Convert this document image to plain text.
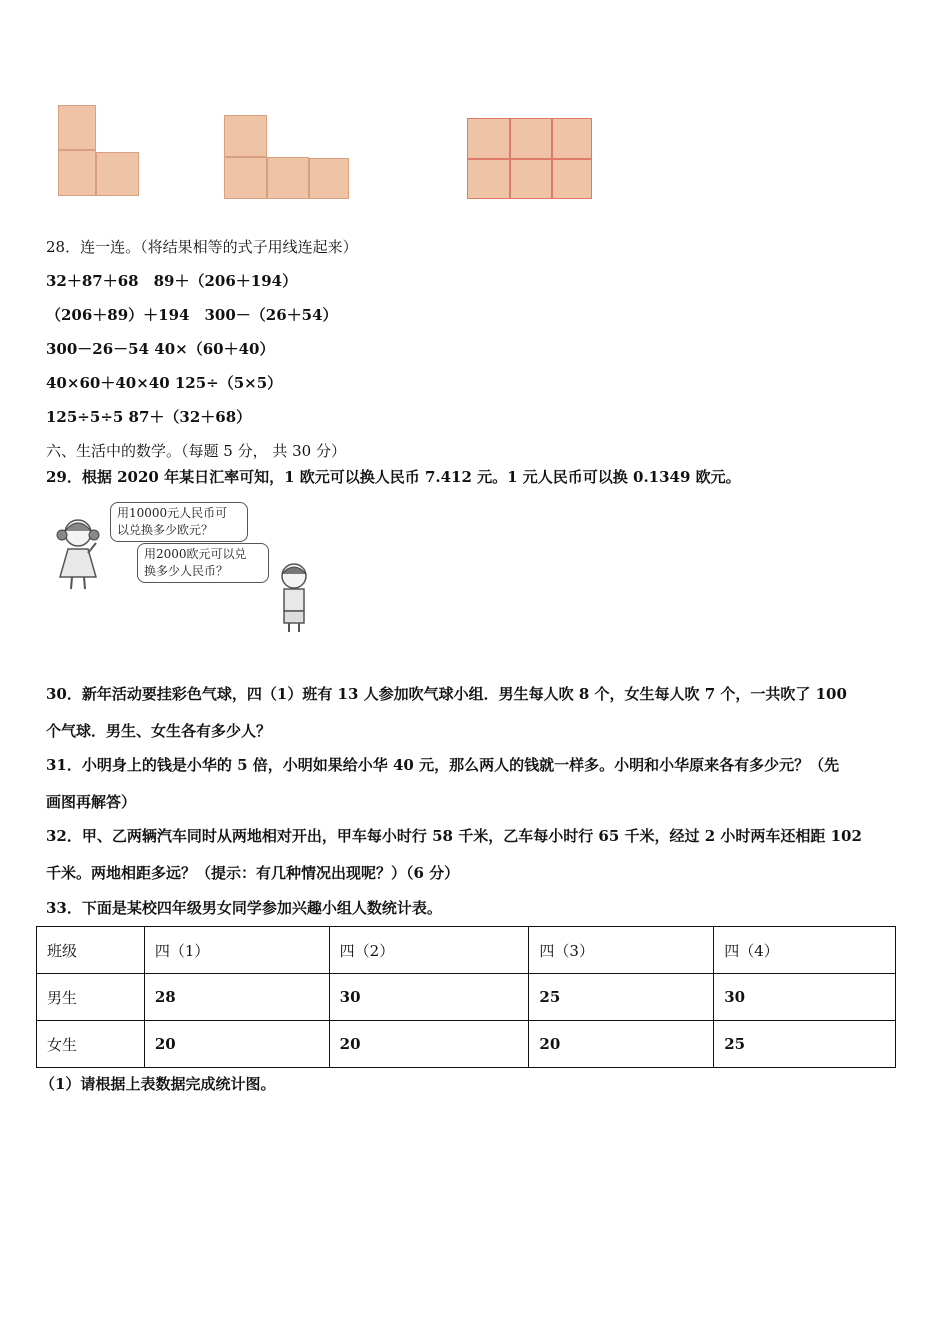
28．连一连。（将结果相等的式子用线连起来）
32＋87＋68　89＋（206＋194）
（206＋89）＋194　300－（26＋54）
300－26－54 40×（60＋40）
40×60＋40×40 125÷（5×5）
125÷5÷5 87＋（32＋68）
六、生活中的数学。（每题 5 分， 共 30 分）
29．根据 2020 年某日汇率可知，1 欧元可以换人民币 7.412 元。1 元人民币可以换 0.1349 欧元。
用10000元人民币可
以兑换多少欧元？
用2000欧元可以兑
换多少人民币？
30．新年活动要挂彩色气球，四（1）班有 13 人参加吹气球小组．男生每人吹 8 个，女生每人吹 7 个，一共吹了 100
个气球．男生、女生各有多少人？
31．小明身上的钱是小华的 5 倍，小明如果给小华 40 元，那么两人的钱就一样多。小明和小华原来各有多少元？（先
画图再解答）
32．甲、乙两辆汽车同时从两地相对开出，甲车每小时行 58 千米，乙车每小时行 65 千米，经过 2 小时两车还相距 102
千米。两地相距多远？（提示：有几种情况出现呢？）（6 分）
33．下面是某校四年级男女同学参加兴趣小组人数统计表。
班级	四（1）	四（2）	四（3）	四（4）
男生	28	30	25	30
女生	20	20	20	25
（1）请根据上表数据完成统计图。
